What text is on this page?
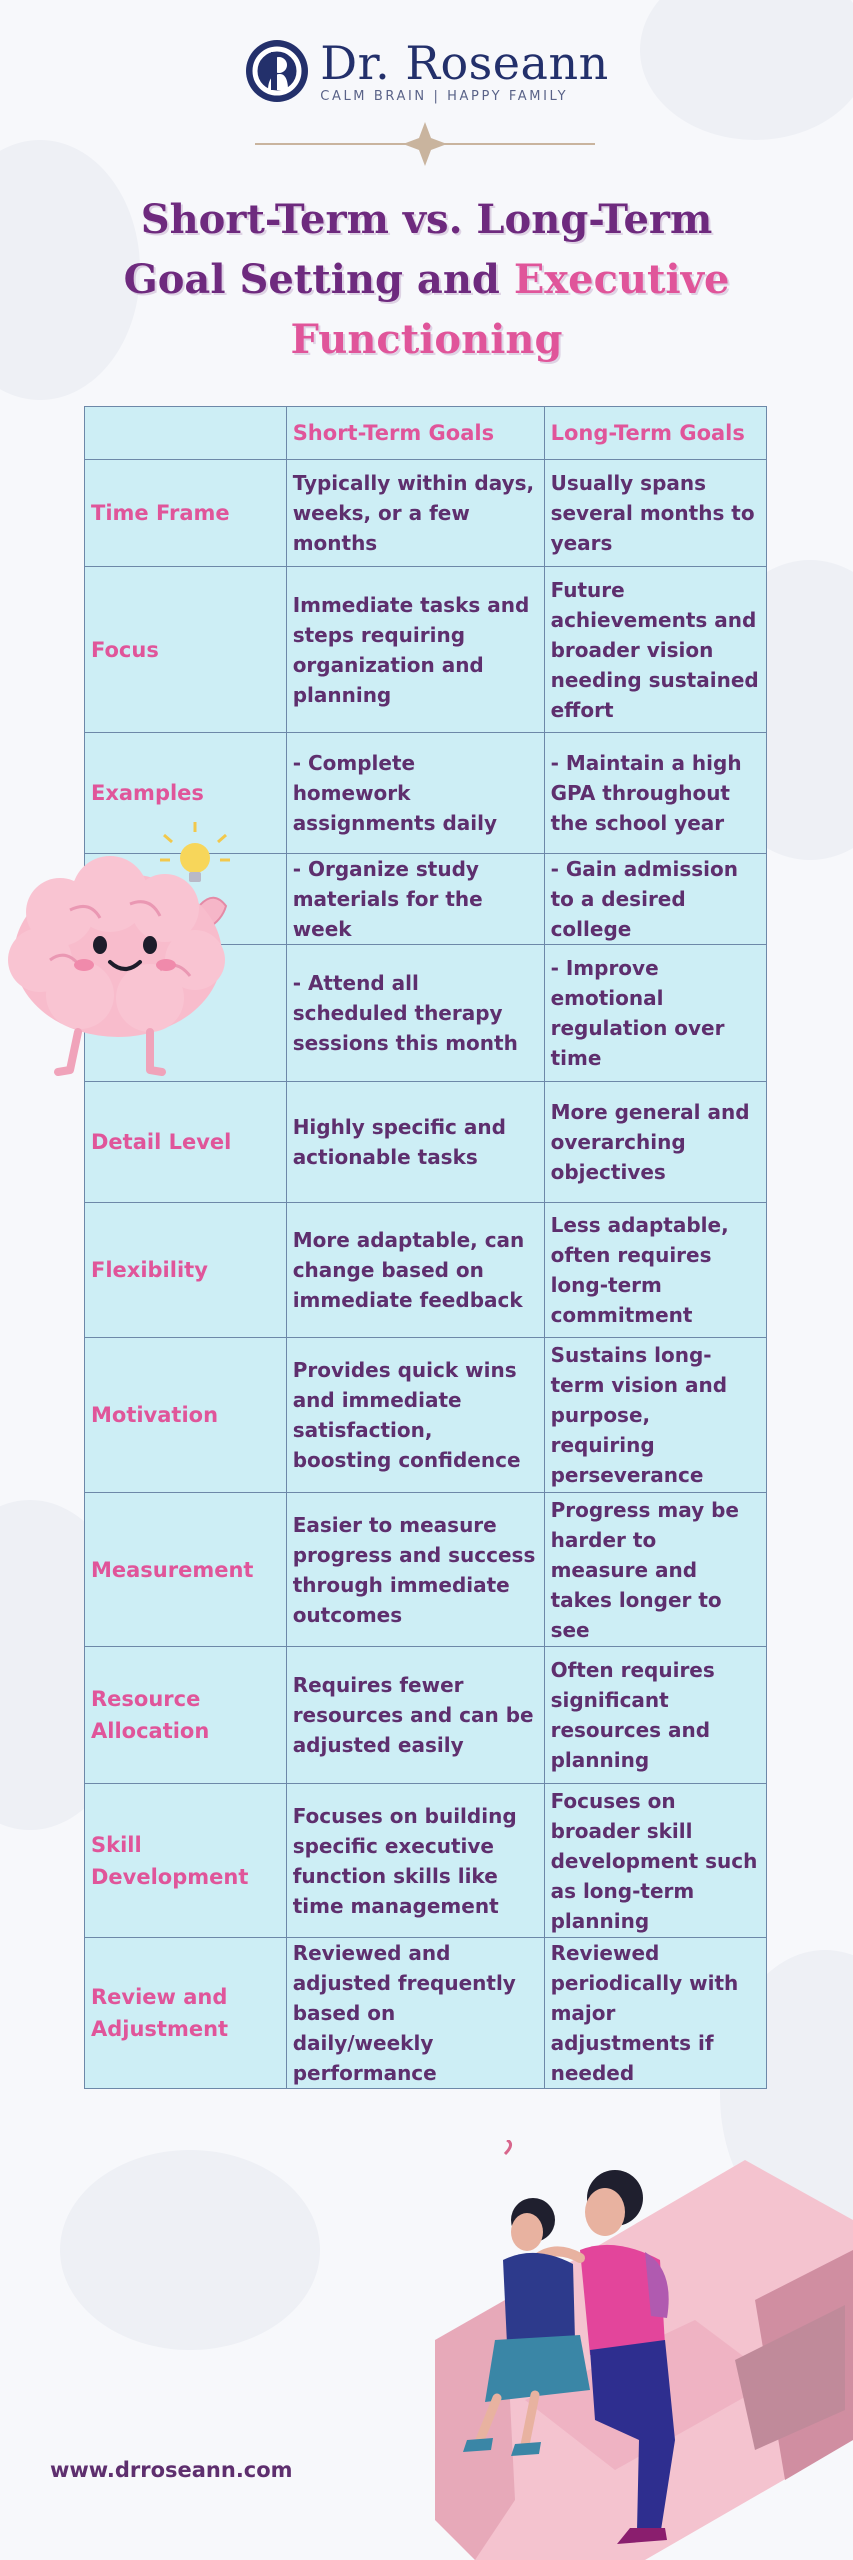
Dr. Roseann
CALM BRAIN | HAPPY FAMILY
Short-Term vs. Long-Term
Goal Setting and Executive
Functioning
	Short-Term Goals	Long-Term Goals
Time Frame	Typically within days, weeks, or a few months	Usually spans several months to years
Focus	Immediate tasks and steps requiring organization and planning	Future achievements and broader vision needing sustained effort
Examples	- Complete homework assignments daily	- Maintain a high GPA throughout the school year
	- Organize study materials for the week	- Gain admission to a desired college
	- Attend all scheduled therapy sessions this month	- Improve emotional regulation over time
Detail Level	Highly specific and actionable tasks	More general and overarching objectives
Flexibility	More adaptable, can change based on immediate feedback	Less adaptable, often requires long-term commitment
Motivation	Provides quick wins and immediate satisfaction, boosting confidence	Sustains long-term vision and purpose, requiring perseverance
Measurement	Easier to measure progress and success through immediate outcomes	Progress may be harder to measure and takes longer to see
Resource Allocation	Requires fewer resources and can be adjusted easily	Often requires significant resources and planning
Skill Development	Focuses on building specific executive function skills like time management	Focuses on broader skill development such as long-term planning
Review and Adjustment	Reviewed and adjusted frequently based on daily/weekly performance	Reviewed periodically with major adjustments if needed
www.drroseann.com
